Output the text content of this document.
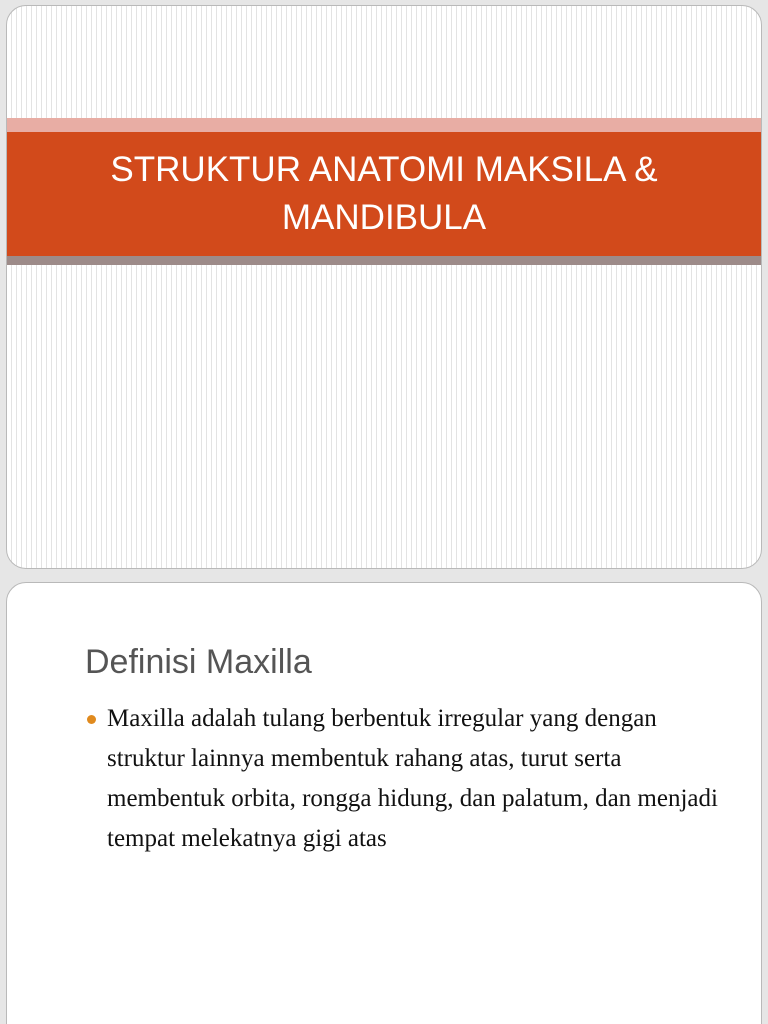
STRUKTUR ANATOMI MAKSILA & MANDIBULA
Definisi Maxilla
Maxilla adalah tulang berbentuk irregular yang dengan struktur lainnya membentuk rahang atas, turut serta membentuk orbita, rongga hidung, dan palatum, dan menjadi tempat melekatnya gigi atas
